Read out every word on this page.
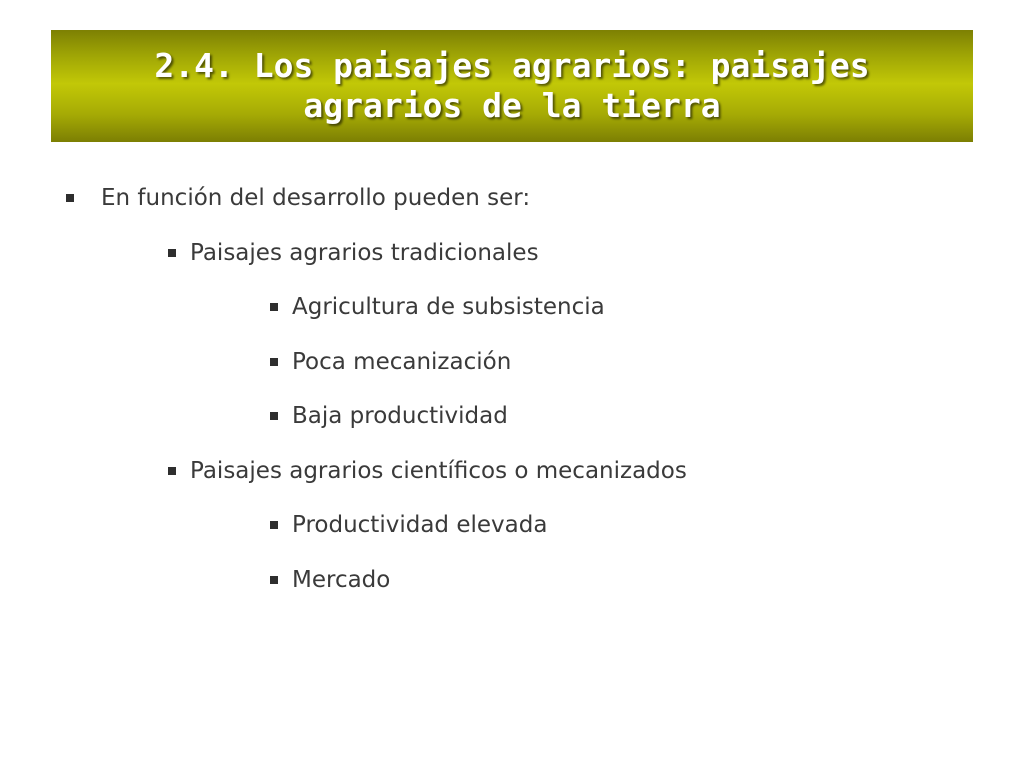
2.4. Los paisajes agrarios: paisajes agrarios de la tierra
En función del desarrollo pueden ser:
Paisajes agrarios tradicionales
Agricultura de subsistencia
Poca mecanización
Baja productividad
Paisajes agrarios científicos o mecanizados
Productividad elevada
Mercado
